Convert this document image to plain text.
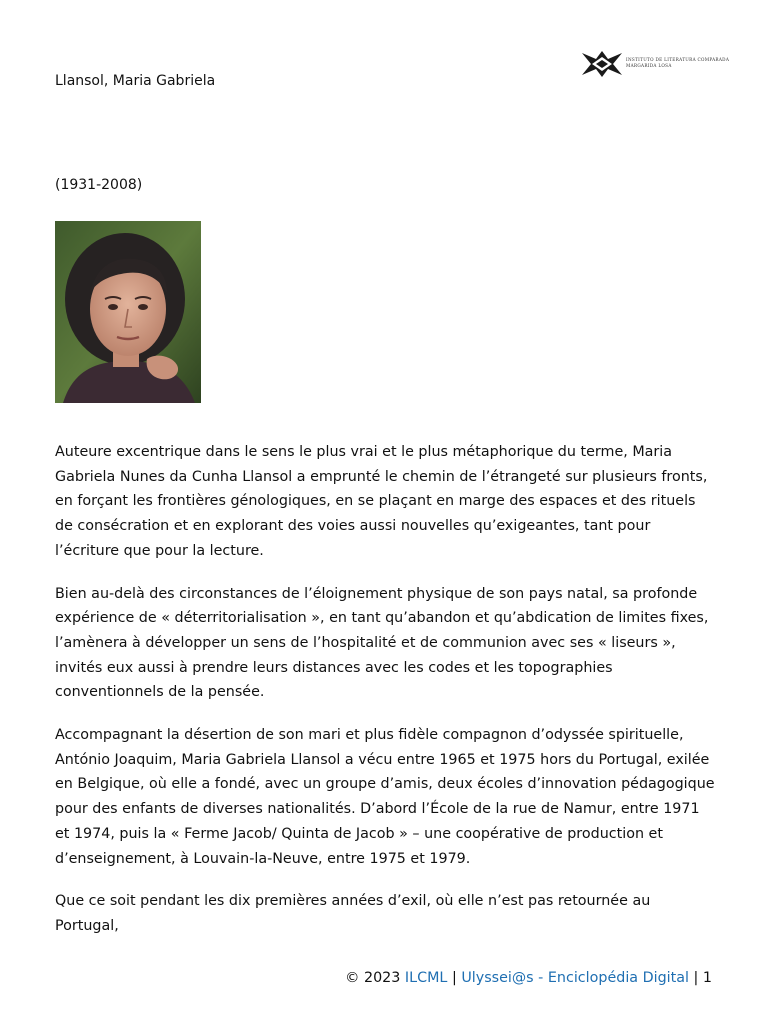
INSTITUTO DE LITERATURA COMPARADA
MARGARIDA LOSA
Llansol, Maria Gabriela
(1931-2008)

Auteure excentrique dans le sens le plus vrai et le plus métaphorique du terme, Maria Gabriela Nunes da Cunha Llansol a emprunté le chemin de l’étrangeté sur plusieurs fronts, en forçant les frontières génologiques, en se plaçant en marge des espaces et des rituels de consécration et en explorant des voies aussi nouvelles qu’exigeantes, tant pour l’écriture que pour la lecture.

Bien au-delà des circonstances de l’éloignement physique de son pays natal, sa profonde expérience de « déterritorialisation », en tant qu’abandon et qu’abdication de limites fixes, l’amènera à développer un sens de l’hospitalité et de communion avec ses « liseurs », invités eux aussi à prendre leurs distances avec les codes et les topographies conventionnels de la pensée.

Accompagnant la désertion de son mari et plus fidèle compagnon d’odyssée spirituelle, António Joaquim, Maria Gabriela Llansol a vécu entre 1965 et 1975 hors du Portugal, exilée en Belgique, où elle a fondé, avec un groupe d’amis, deux écoles d’innovation pédagogique pour des enfants de diverses nationalités. D’abord l’École de la rue de Namur, entre 1971 et 1974, puis la « Ferme Jacob/ Quinta de Jacob » – une coopérative de production et d’enseignement, à Louvain-la-Neuve, entre 1975 et 1979.

Que ce soit pendant les dix premières années d’exil, où elle n’est pas retournée au Portugal,

© 2023 ILCML | Ulyssei@s - Enciclopédia Digital | 1
